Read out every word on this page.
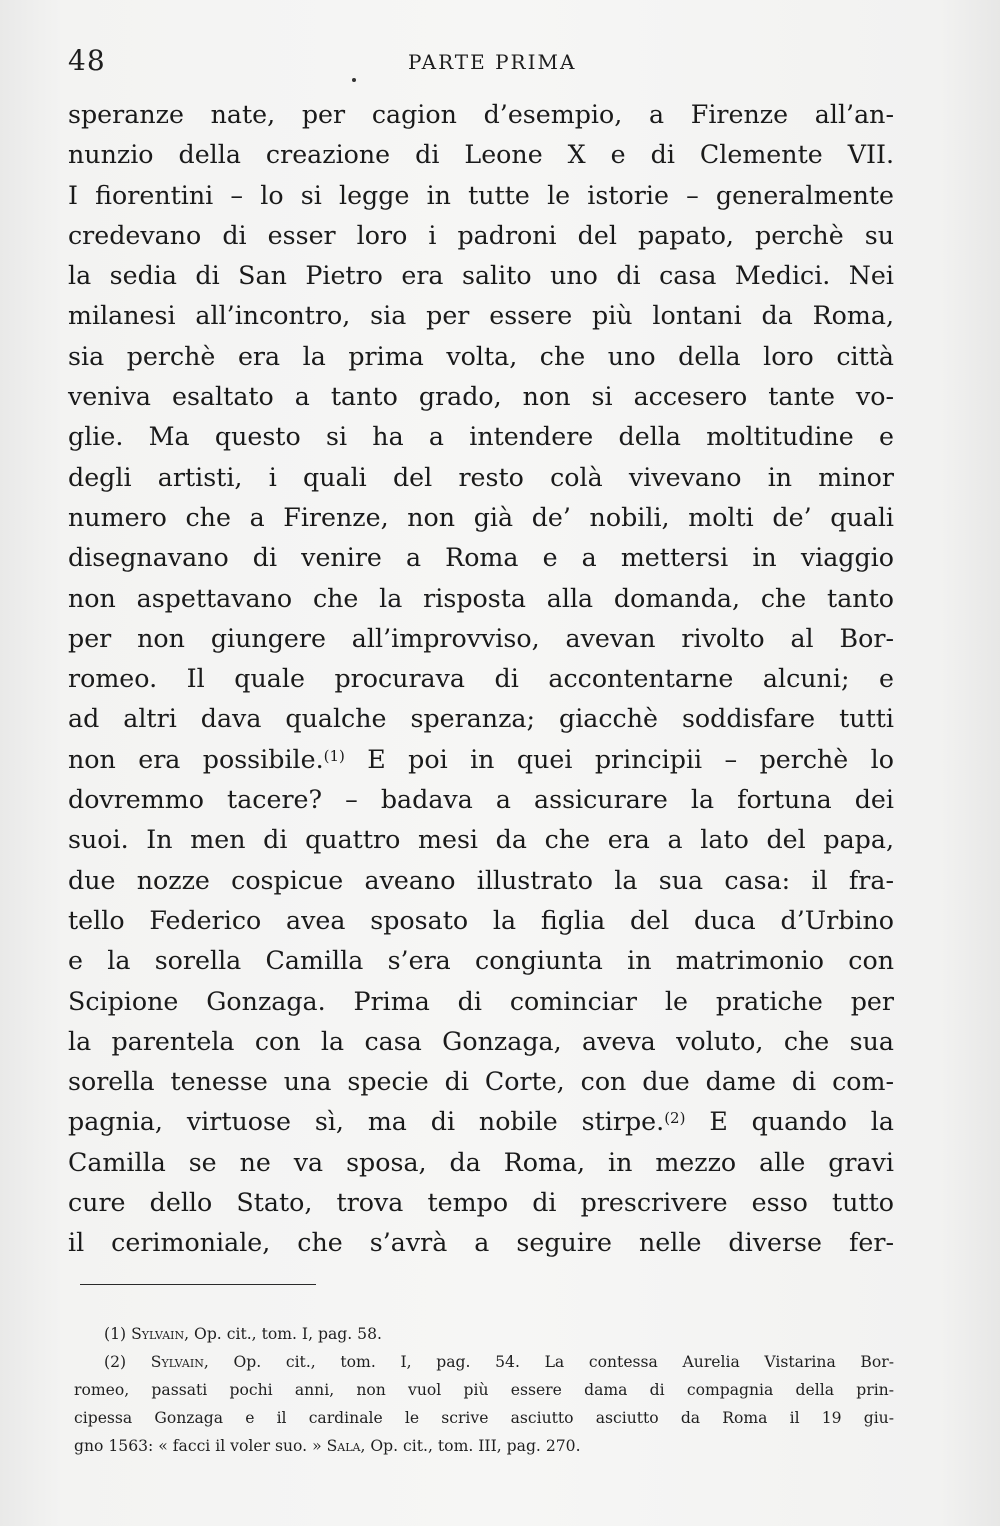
48	PARTE PRIMA
speranze nate, per cagion d’esempio, a Firenze all’an-
nunzio della creazione di Leone X e di Clemente VII.
I fiorentini – lo si legge in tutte le istorie – generalmente
credevano di esser loro i padroni del papato, perchè su
la sedia di San Pietro era salito uno di casa Medici. Nei
milanesi all’incontro, sia per essere più lontani da Roma,
sia perchè era la prima volta, che uno della loro città
veniva esaltato a tanto grado, non si accesero tante vo-
glie. Ma questo si ha a intendere della moltitudine e
degli artisti, i quali del resto colà vivevano in minor
numero che a Firenze, non già de’ nobili, molti de’ quali
disegnavano di venire a Roma e a mettersi in viaggio
non aspettavano che la risposta alla domanda, che tanto
per non giungere all’improvviso, avevan rivolto al Bor-
romeo. Il quale procurava di accontentarne alcuni; e
ad altri dava qualche speranza; giacchè soddisfare tutti
non era possibile.$^{(1)}$ E poi in quei principii – perchè lo
dovremmo tacere? – badava a assicurare la fortuna dei
suoi. In men di quattro mesi da che era a lato del papa,
due nozze cospicue aveano illustrato la sua casa: il fra-
tello Federico avea sposato la figlia del duca d’Urbino
e la sorella Camilla s’era congiunta in matrimonio con
Scipione Gonzaga. Prima di cominciar le pratiche per
la parentela con la casa Gonzaga, aveva voluto, che sua
sorella tenesse una specie di Corte, con due dame di com-
pagnia, virtuose sì, ma di nobile stirpe.$^{(2)}$ E quando la
Camilla se ne va sposa, da Roma, in mezzo alle gravi
cure dello Stato, trova tempo di prescrivere esso tutto
il cerimoniale, che s’avrà a seguire nelle diverse fer-
(1) Sylvain, Op. cit., tom. I, pag. 58.
(2) Sylvain, Op. cit., tom. I, pag. 54. La contessa Aurelia Vistarina Bor-
romeo, passati pochi anni, non vuol più essere dama di compagnia della prin-
cipessa Gonzaga e il cardinale le scrive asciutto asciutto da Roma il 19 giu-
gno 1563: « facci il voler suo. » Sala, Op. cit., tom. III, pag. 270.
